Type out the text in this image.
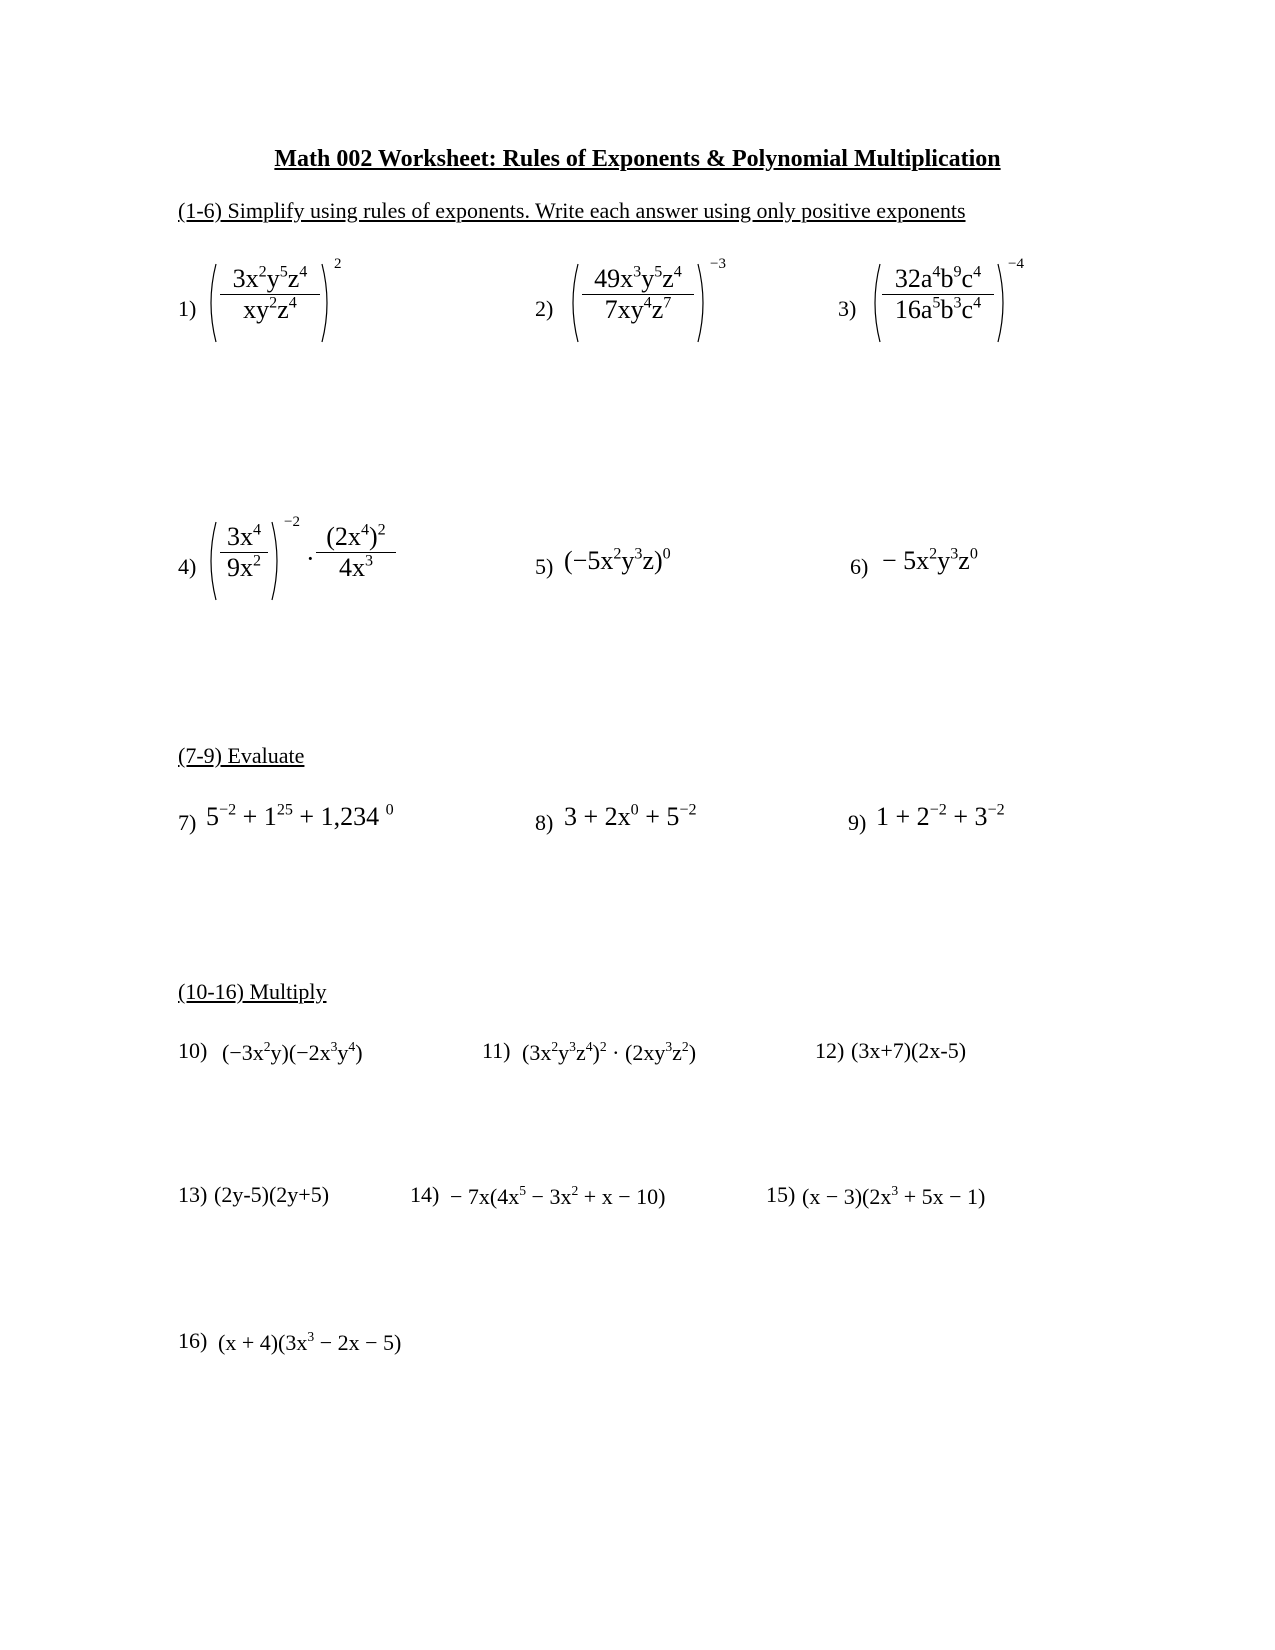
Math 002 Worksheet: Rules of Exponents & Polynomial Multiplication
(1-6) Simplify using rules of exponents. Write each answer using only positive exponents
1)
$3x^2y^5z^4$
$xy^2z^4$
2
2)
$49x^3y^5z^4$
$7xy^4z^7$
−3
3)
$32a^4b^9c^4$
$16a^5b^3c^4$
−4
4)
$3x^4$
$9x^2$
−2
·
$(2x^4)^2$
$4x^3$	5) $(-5x^2y^3z)^0$	$6) - 5x^2y^3z^0$
(7-9) Evaluate
7) $5^{-2} + 1^{25} + 1,234$ $^0$	8) $3 + 2x^0 + 5^{-2}$	9) $1 + 2^{-2} + 3^{-2}$
(10-16) Multiply
10) $(-3x^2y)(-2x^3y^4)$	11) $(3x^2y^3z^4)^2 \cdot (2xy^3z^2)$	12) (3x+7)(2x-5)
13) (2y-5)(2y+5)	$14) - 7x(4x^5 - 3x^2 + x - 10)$	15) $(x - 3)(2x^3 + 5x - 1)$
16) $(x + 4)(3x^3 - 2x - 5)$
